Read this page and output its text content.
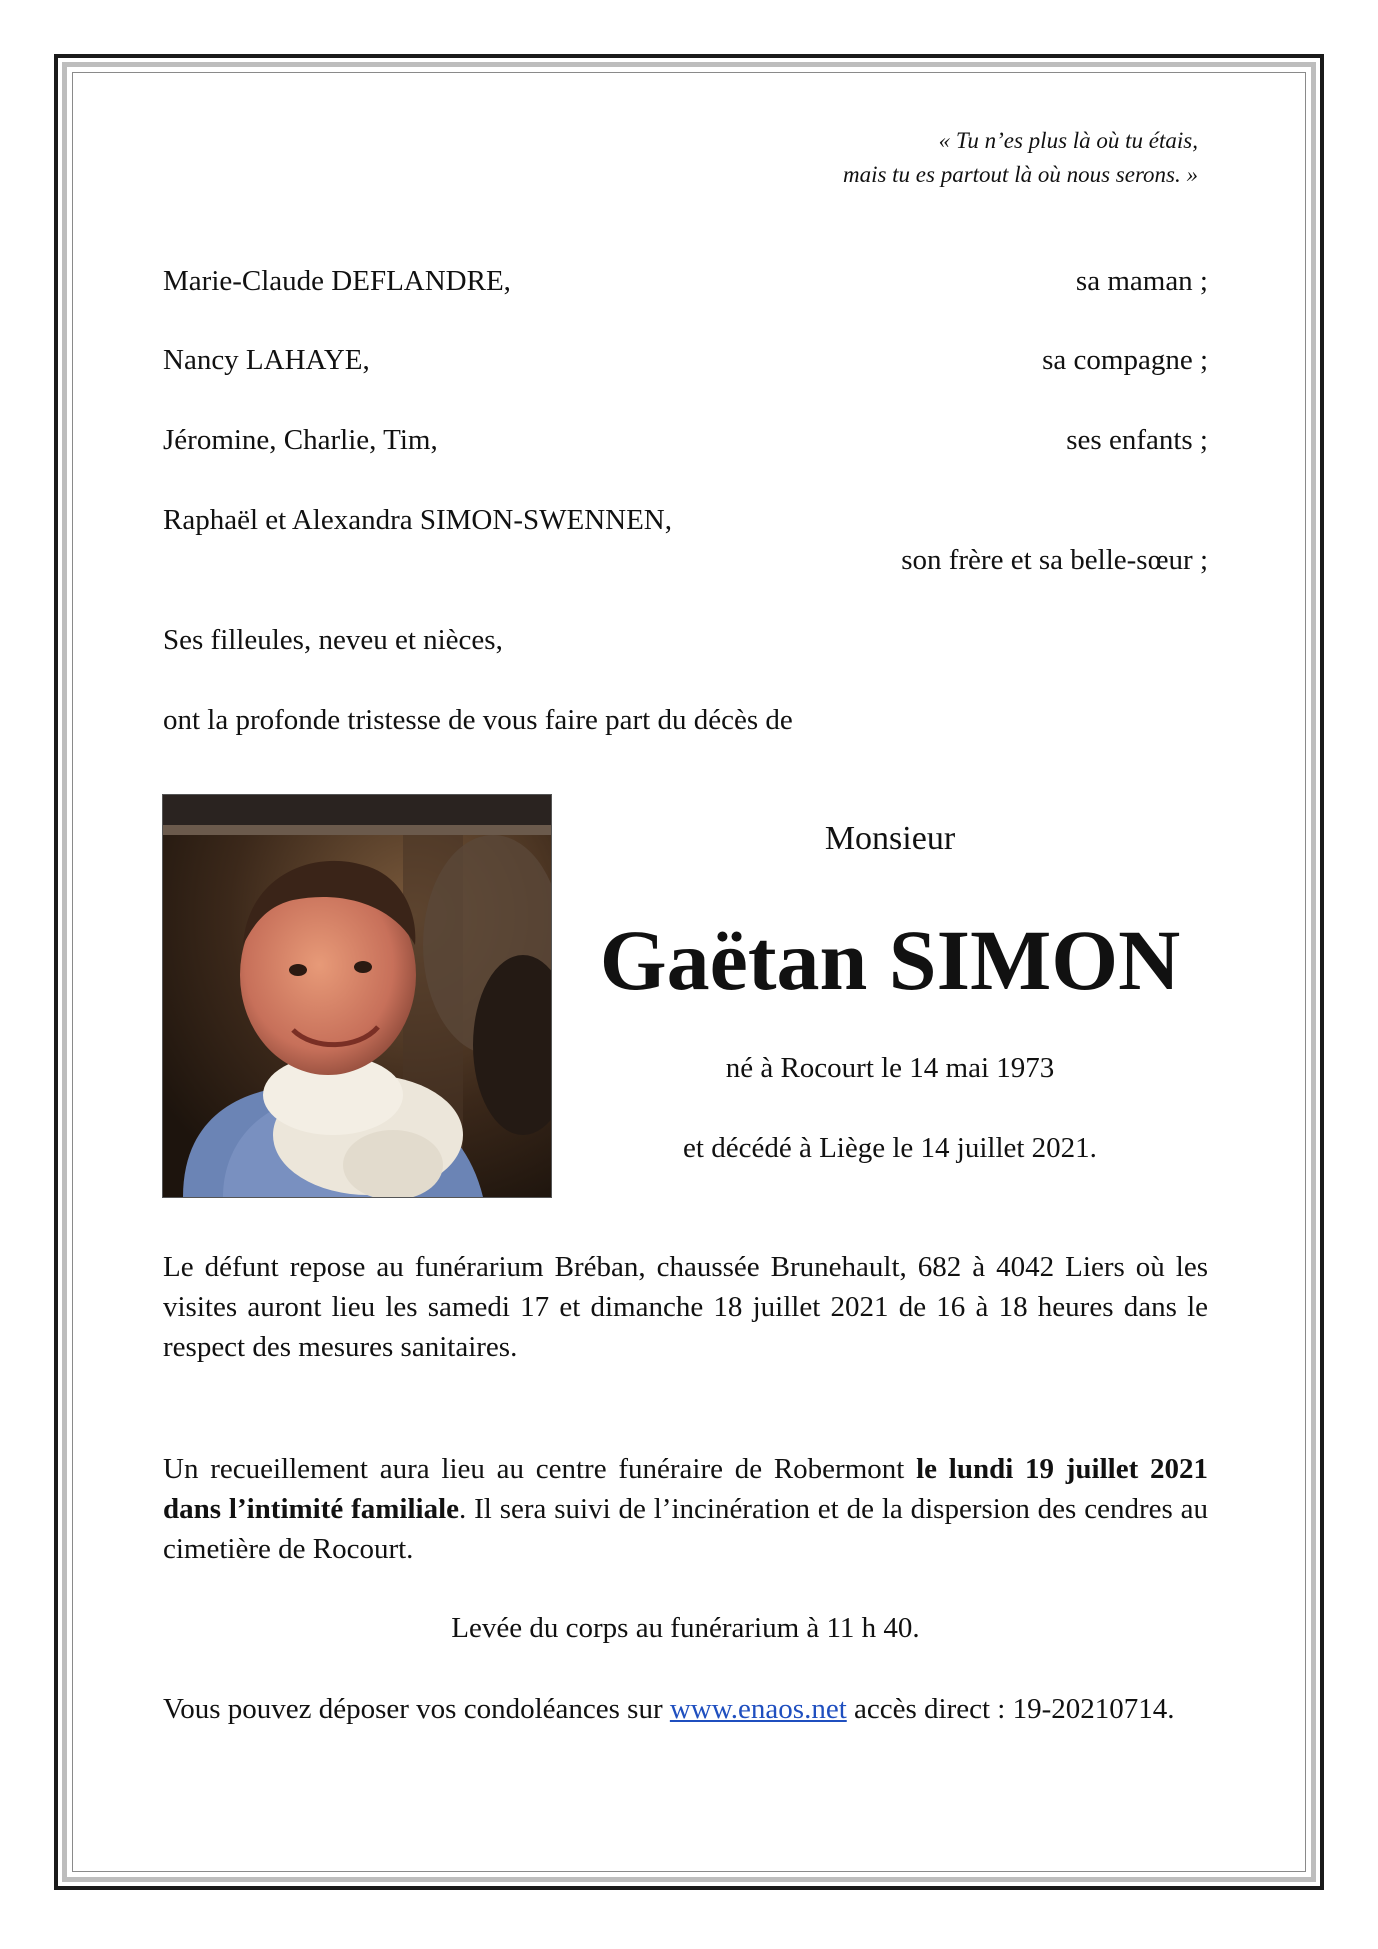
« Tu n’es plus là où tu étais,
mais tu es partout là où nous serons. »
Marie-Claude DEFLANDRE,	sa maman ;
Nancy LAHAYE,	sa compagne ;
Jéromine, Charlie, Tim,	ses enfants ;
Raphaël et Alexandra SIMON-SWENNEN,
son frère et sa belle-sœur ;
Ses filleules, neveu et nièces,
ont la profonde tristesse de vous faire part du décès de
Monsieur
Gaëtan SIMON
né à Rocourt le 14 mai 1973
et décédé à Liège le 14 juillet 2021.
Le défunt repose au funérarium Bréban, chaussée Brunehault, 682 à 4042 Liers où les visites auront lieu les samedi 17 et dimanche 18 juillet 2021 de 16 à 18 heures dans le respect des mesures sanitaires.
Un recueillement aura lieu au centre funéraire de Robermont le lundi 19 juillet 2021 dans l’intimité familiale. Il sera suivi de l’incinération et de la dispersion des cendres au cimetière de Rocourt.
Levée du corps au funérarium à 11 h 40.
Vous pouvez déposer vos condoléances sur www.enaos.net accès direct : 19-20210714.
